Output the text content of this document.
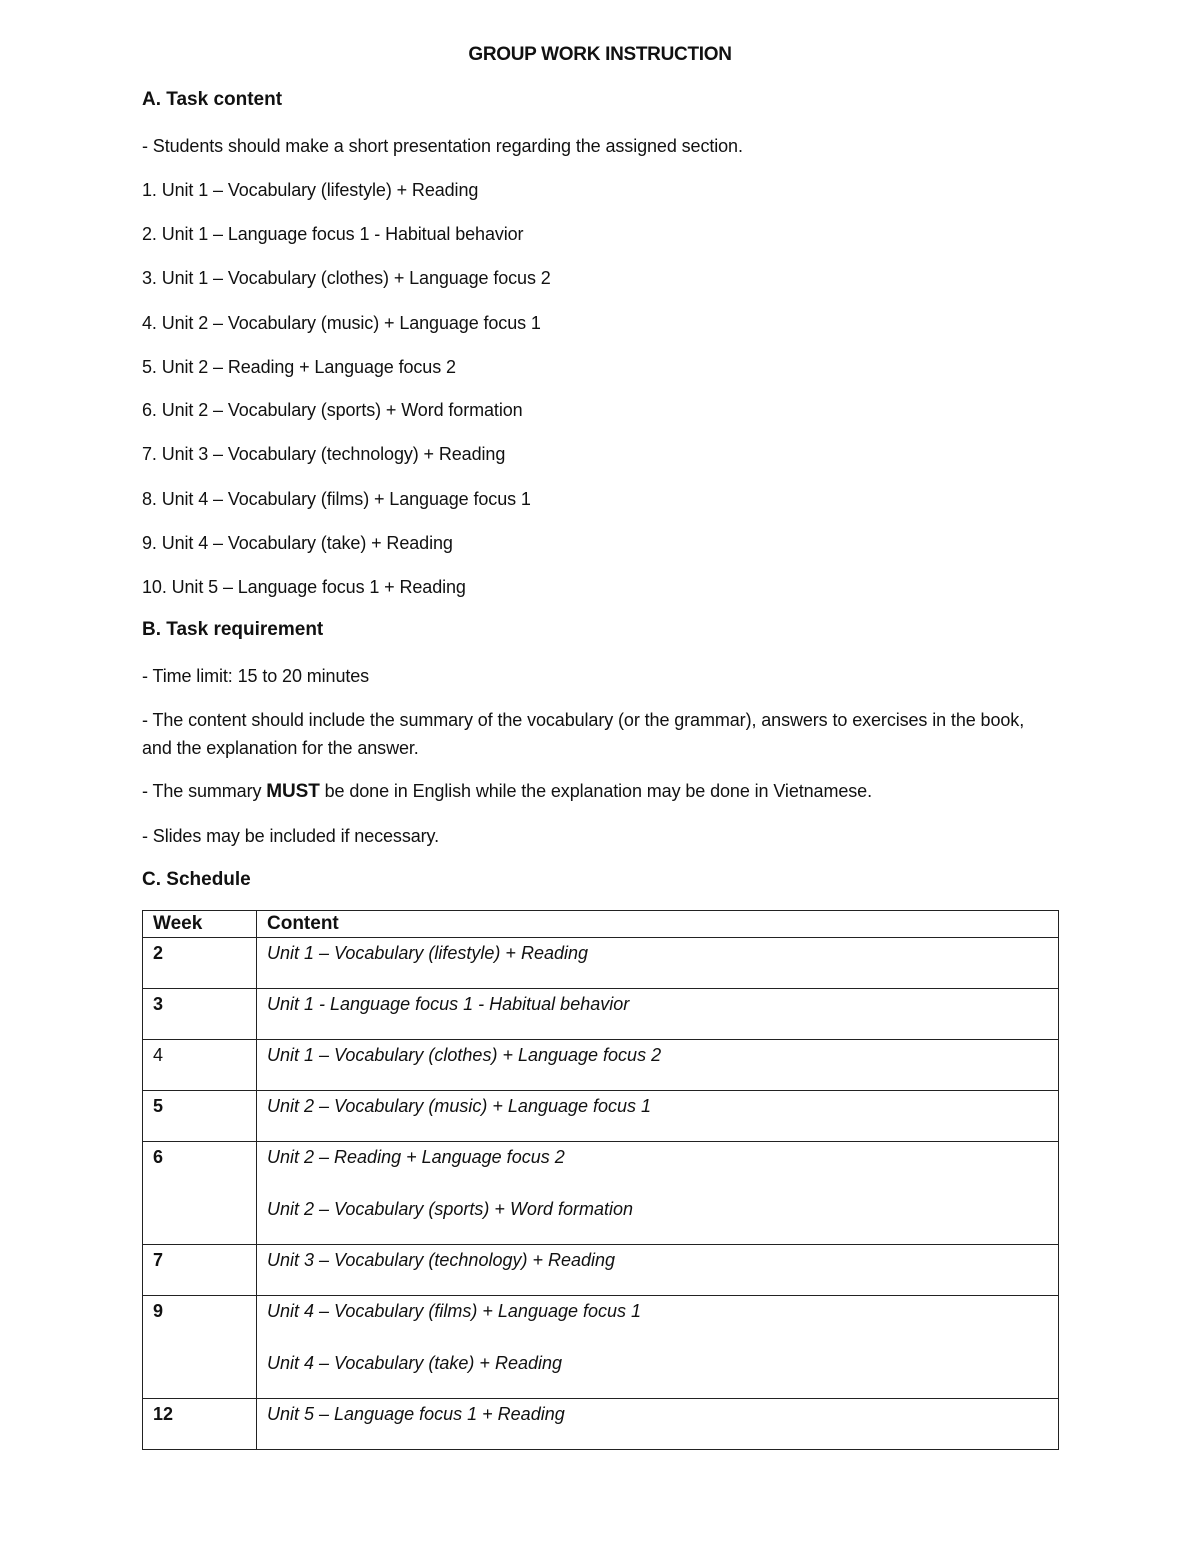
GROUP WORK INSTRUCTION
A. Task content
- Students should make a short presentation regarding the assigned section.
1. Unit 1 – Vocabulary (lifestyle) + Reading
2. Unit 1 – Language focus 1 - Habitual behavior
3. Unit 1 – Vocabulary (clothes) + Language focus 2
4. Unit 2 – Vocabulary (music) + Language focus 1
5. Unit 2 – Reading + Language focus 2
6. Unit 2 – Vocabulary (sports) + Word formation
7. Unit 3 – Vocabulary (technology) + Reading
8. Unit 4 – Vocabulary (films) + Language focus 1
9. Unit 4 – Vocabulary (take) + Reading
10. Unit 5 – Language focus 1 + Reading
B. Task requirement
- Time limit: 15 to 20 minutes
- The content should include the summary of the vocabulary (or the grammar), answers to exercises in the book, and the explanation for the answer.
- The summary MUST be done in English while the explanation may be done in Vietnamese.
- Slides may be included if necessary.
C. Schedule
Week	Content

2	Unit 1 – Vocabulary (lifestyle) + Reading

3	Unit 1 - Language focus 1 - Habitual behavior

4	Unit 1 – Vocabulary (clothes) + Language focus 2

5	Unit 2 – Vocabulary (music) + Language focus 1

6	Unit 2 – Reading + Language focus 2
Unit 2 – Vocabulary (sports) + Word formation

7	Unit 3 – Vocabulary (technology) + Reading

9	Unit 4 – Vocabulary (films) + Language focus 1
Unit 4 – Vocabulary (take) + Reading

12	Unit 5 – Language focus 1 + Reading
